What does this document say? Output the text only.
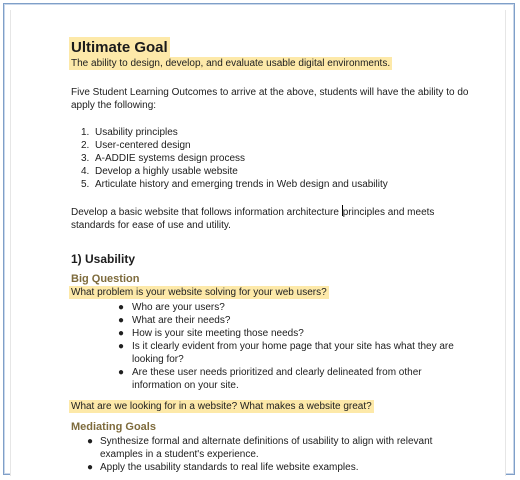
Ultimate Goal
The ability to design, develop, and evaluate usable digital environments.

Five Student Learning Outcomes to arrive at the above, students will have the ability to do apply the following:

1. Usability principles
2. User-centered design
3. A-ADDIE systems design process
4. Develop a highly usable website
5. Articulate history and emerging trends in Web design and usability

Develop a basic website that follows information architecture principles and meets standards for ease of use and utility.

1) Usability
Big Question
What problem is your website solving for your web users?
● Who are your users?
● What are their needs?
● How is your site meeting those needs?
● Is it clearly evident from your home page that your site has what they are looking for?
● Are these user needs prioritized and clearly delineated from other information on your site.
What are we looking for in a website? What makes a website great?
Mediating Goals
● Synthesize formal and alternate definitions of usability to align with relevant examples in a student's experience.
● Apply the usability standards to real life website examples.
